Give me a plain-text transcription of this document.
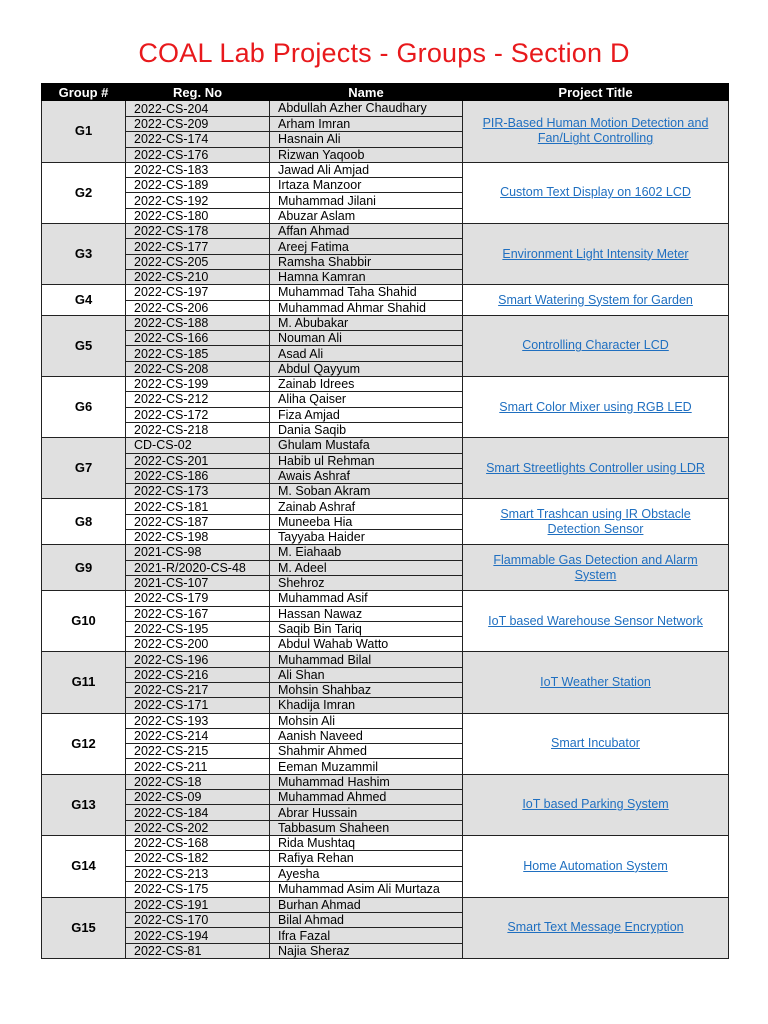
COAL Lab Projects - Groups - Section D
Group #	Reg. No	Name	Project Title
G1	2022-CS-204	Abdullah Azher Chaudhary	PIR-Based Human Motion Detection and Fan/Light Controlling
	2022-CS-209	Arham Imran	
	2022-CS-174	Hasnain Ali	
	2022-CS-176	Rizwan Yaqoob	
G2	2022-CS-183	Jawad Ali Amjad	Custom Text Display on 1602 LCD
	2022-CS-189	Irtaza Manzoor	
	2022-CS-192	Muhammad Jilani	
	2022-CS-180	Abuzar Aslam	
G3	2022-CS-178	Affan Ahmad	Environment Light Intensity Meter
	2022-CS-177	Areej Fatima	
	2022-CS-205	Ramsha Shabbir	
	2022-CS-210	Hamna Kamran	
G4	2022-CS-197	Muhammad Taha Shahid	Smart Watering System for Garden
	2022-CS-206	Muhammad Ahmar Shahid	
G5	2022-CS-188	M. Abubakar	Controlling Character LCD
	2022-CS-166	Nouman Ali	
	2022-CS-185	Asad Ali	
	2022-CS-208	Abdul Qayyum	
G6	2022-CS-199	Zainab Idrees	Smart Color Mixer using RGB LED
	2022-CS-212	Aliha Qaiser	
	2022-CS-172	Fiza Amjad	
	2022-CS-218	Dania Saqib	
G7	CD-CS-02	Ghulam Mustafa	Smart Streetlights Controller using LDR
	2022-CS-201	Habib ul Rehman	
	2022-CS-186	Awais Ashraf	
	2022-CS-173	M. Soban Akram	
G8	2022-CS-181	Zainab Ashraf	Smart Trashcan using IR Obstacle Detection Sensor
	2022-CS-187	Muneeba Hia	
	2022-CS-198	Tayyaba Haider	
G9	2021-CS-98	M. Eiahaab	Flammable Gas Detection and Alarm System
	2021-R/2020-CS-48	M. Adeel	
	2021-CS-107	Shehroz	
G10	2022-CS-179	Muhammad Asif	IoT based Warehouse Sensor Network
	2022-CS-167	Hassan Nawaz	
	2022-CS-195	Saqib Bin Tariq	
	2022-CS-200	Abdul Wahab Watto	
G11	2022-CS-196	Muhammad Bilal	IoT Weather Station
	2022-CS-216	Ali Shan	
	2022-CS-217	Mohsin Shahbaz	
	2022-CS-171	Khadija Imran	
G12	2022-CS-193	Mohsin Ali	Smart Incubator
	2022-CS-214	Aanish Naveed	
	2022-CS-215	Shahmir Ahmed	
	2022-CS-211	Eeman Muzammil	
G13	2022-CS-18	Muhammad Hashim	IoT based Parking System
	2022-CS-09	Muhammad Ahmed	
	2022-CS-184	Abrar Hussain	
	2022-CS-202	Tabbasum Shaheen	
G14	2022-CS-168	Rida Mushtaq	Home Automation System
	2022-CS-182	Rafiya Rehan	
	2022-CS-213	Ayesha	
	2022-CS-175	Muhammad Asim Ali Murtaza	
G15	2022-CS-191	Burhan Ahmad	Smart Text Message Encryption
	2022-CS-170	Bilal Ahmad	
	2022-CS-194	Ifra Fazal	
	2022-CS-81	Najia Sheraz	
